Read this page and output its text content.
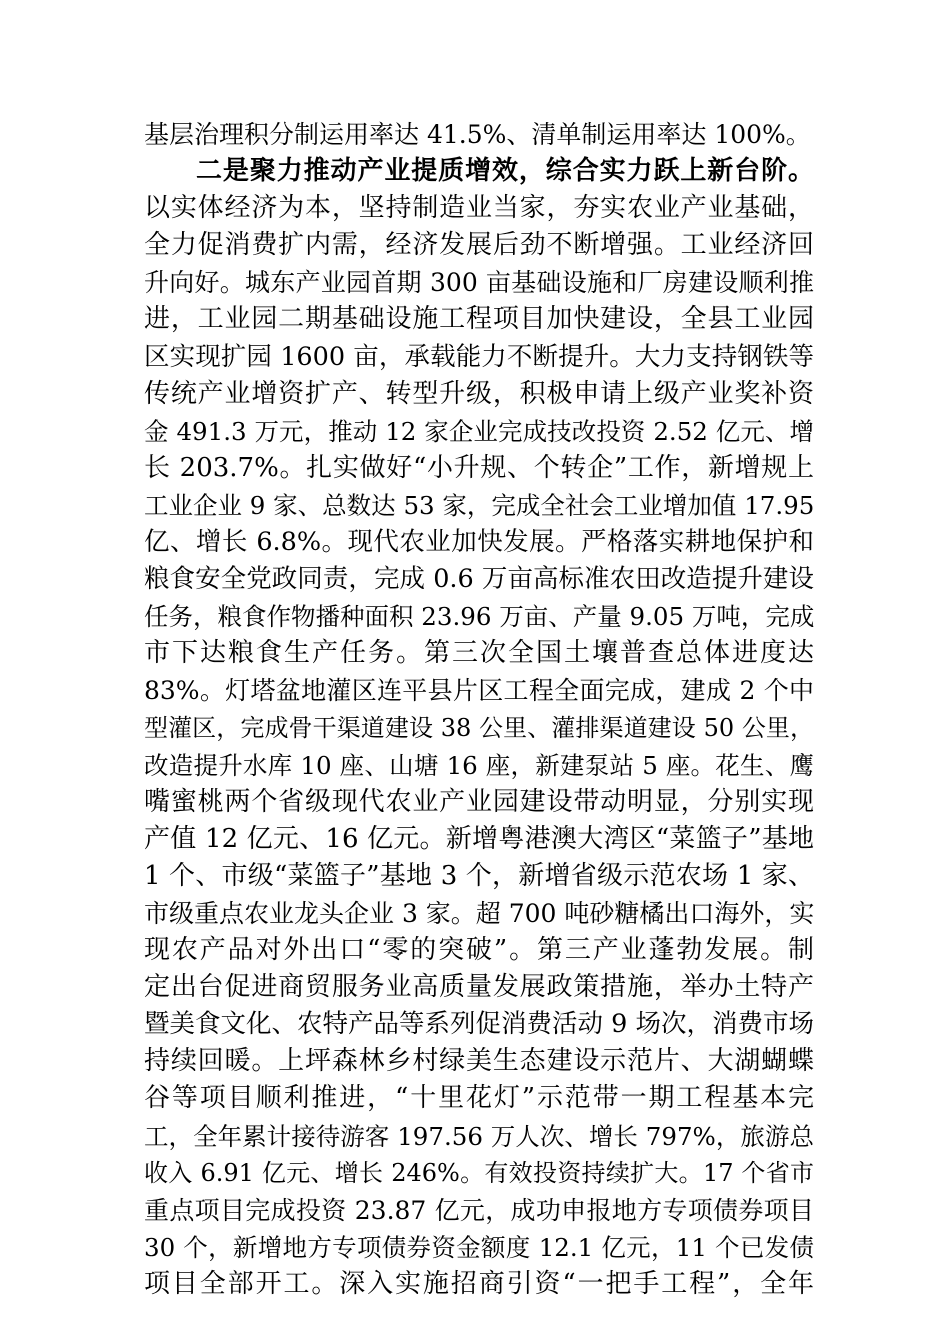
基层治理积分制运用率达 41.5%、清单制运用率达 100%。
二是聚力推动产业提质增效，综合实力跃上新台阶。
以实体经济为本，坚持制造业当家，夯实农业产业基础，
全力促消费扩内需，经济发展后劲不断增强。工业经济回
升向好。城东产业园首期 300 亩基础设施和厂房建设顺利推
进，工业园二期基础设施工程项目加快建设，全县工业园
区实现扩园 1600 亩，承载能力不断提升。大力支持钢铁等
传统产业增资扩产、转型升级，积极申请上级产业奖补资
金 491.3 万元，推动 12 家企业完成技改投资 2.52 亿元、增
长 203.7%。扎实做好“小升规、个转企”工作，新增规上
工业企业 9 家、总数达 53 家，完成全社会工业增加值 17.95
亿、增长 6.8%。现代农业加快发展。严格落实耕地保护和
粮食安全党政同责，完成 0.6 万亩高标准农田改造提升建设
任务，粮食作物播种面积 23.96 万亩、产量 9.05 万吨，完成
市下达粮食生产任务。第三次全国土壤普查总体进度达
83%。灯塔盆地灌区连平县片区工程全面完成，建成 2 个中
型灌区，完成骨干渠道建设 38 公里、灌排渠道建设 50 公里，
改造提升水库 10 座、山塘 16 座，新建泵站 5 座。花生、鹰
嘴蜜桃两个省级现代农业产业园建设带动明显，分别实现
产值 12 亿元、16 亿元。新增粤港澳大湾区“菜篮子”基地
1 个、市级“菜篮子”基地 3 个，新增省级示范农场 1 家、
市级重点农业龙头企业 3 家。超 700 吨砂糖橘出口海外，实
现农产品对外出口“零的突破”。第三产业蓬勃发展。制
定出台促进商贸服务业高质量发展政策措施，举办土特产
暨美食文化、农特产品等系列促消费活动 9 场次，消费市场
持续回暖。上坪森林乡村绿美生态建设示范片、大湖蝴蝶
谷等项目顺利推进，“十里花灯”示范带一期工程基本完
工，全年累计接待游客 197.56 万人次、增长 797%，旅游总
收入 6.91 亿元、增长 246%。有效投资持续扩大。17 个省市
重点项目完成投资 23.87 亿元，成功申报地方专项债券项目
30 个，新增地方专项债券资金额度 12.1 亿元，11 个已发债
项目全部开工。深入实施招商引资“一把手工程”，全年
